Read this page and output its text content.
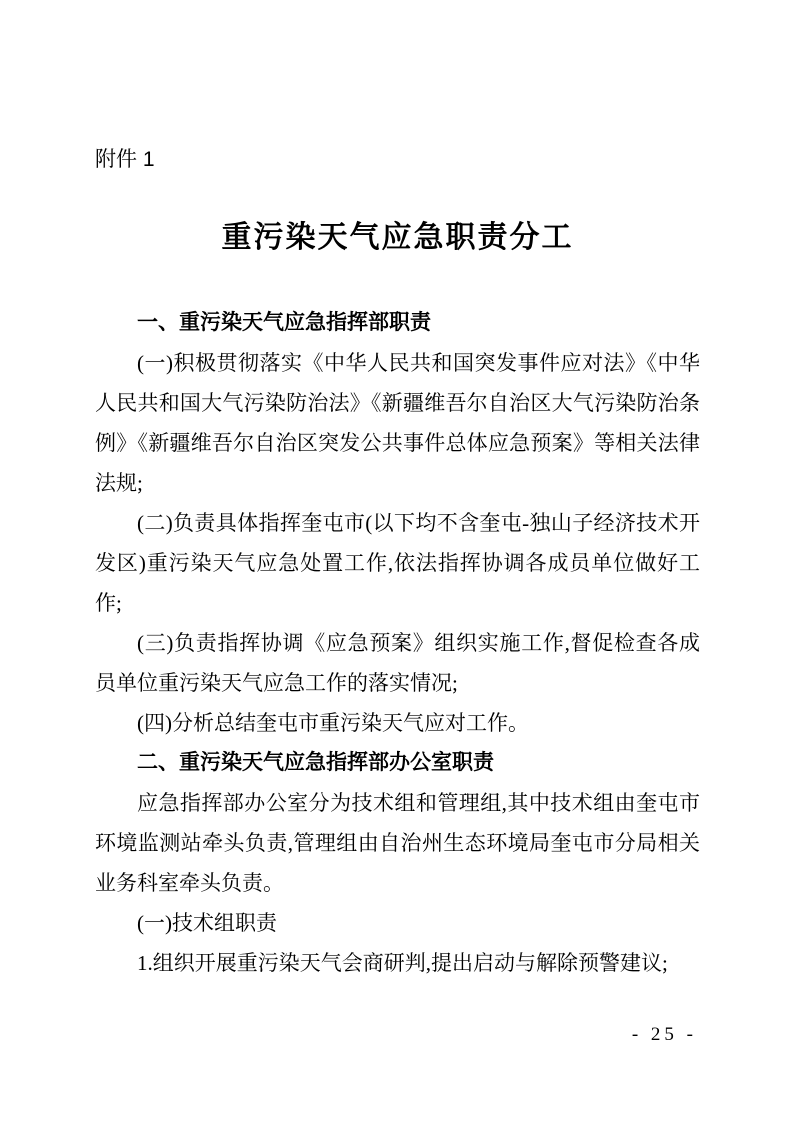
附件 1
重污染天气应急职责分工
一、重污染天气应急指挥部职责

(一)积极贯彻落实《中华人民共和国突发事件应对法》《中华人民共和国大气污染防治法》《新疆维吾尔自治区大气污染防治条例》《新疆维吾尔自治区突发公共事件总体应急预案》等相关法律法规;

(二)负责具体指挥奎屯市(以下均不含奎屯-独山子经济技术开发区)重污染天气应急处置工作,依法指挥协调各成员单位做好工作;

(三)负责指挥协调《应急预案》组织实施工作,督促检查各成员单位重污染天气应急工作的落实情况;

(四)分析总结奎屯市重污染天气应对工作。

二、重污染天气应急指挥部办公室职责

应急指挥部办公室分为技术组和管理组,其中技术组由奎屯市环境监测站牵头负责,管理组由自治州生态环境局奎屯市分局相关业务科室牵头负责。

(一)技术组职责

1.组织开展重污染天气会商研判,提出启动与解除预警建议;

- 25 -
